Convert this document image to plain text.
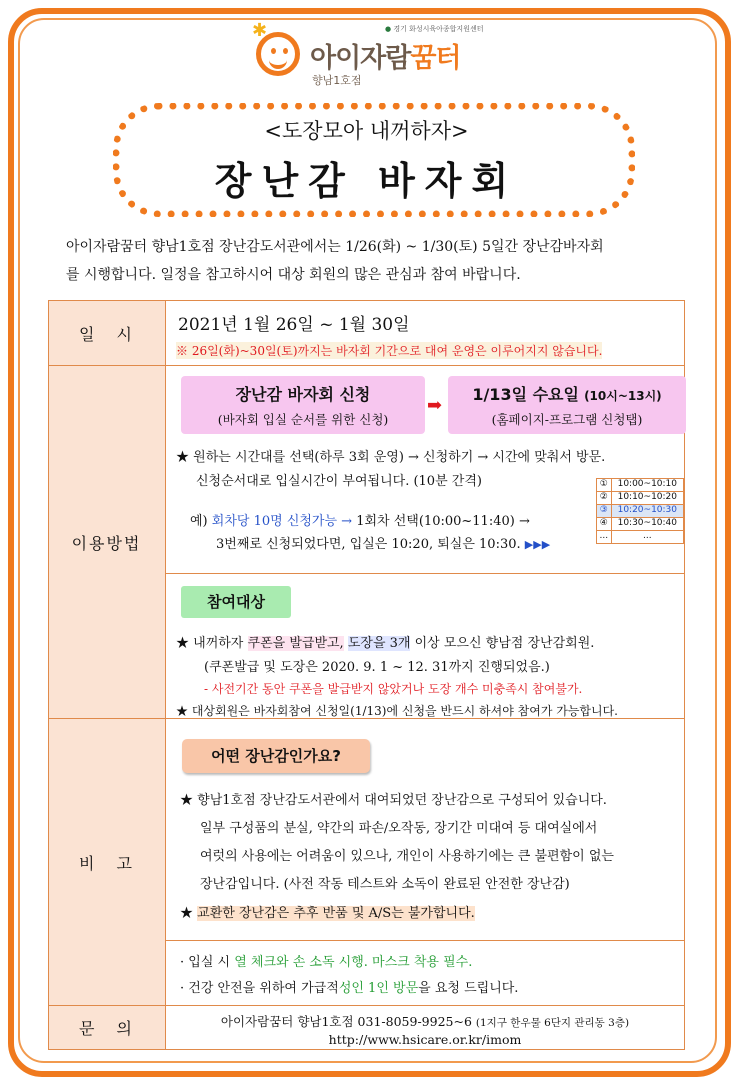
✱	● 경기 화성시육아종합지원센터
아이자람꿈터
향남1호점
<도장모아 내꺼하자>
장난감 바자회
아이자람꿈터 향남1호점 장난감도서관에서는 1/26(화) ~ 1/30(토) 5일간 장난감바자회
를 시행합니다. 일정을 참고하시어 대상 회원의 많은 관심과 참여 바랍니다.
일시	2021년 1월 26일 ~ 1월 30일
※ 26일(화)~30일(토)까지는 바자회 기간으로 대여 운영은 이루어지지 않습니다.

이용방법	
장난감 바자회 신청
(바자회 입실 순서를 위한 신청)
➡
1/13일 수요일 (10시~13시)
(홈페이지-프로그램 신청탭)
★ 원하는 시간대를 선택(하루 3회 운영) → 신청하기 → 시간에 맞춰서 방문.
신청순서대로 입실시간이 부여됩니다. (10분 간격)
예) 회차당 10명 신청가능 → 1회차 선택(10:00~11:40) →
3번째로 신청되었다면, 입실은 10:20, 퇴실은 10:30. ▶▶▶
①	10:00~10:10
②	10:10~10:20
③	10:20~10:30
④	10:30~10:40
...	...

참여대상
★ 내꺼하자 쿠폰을 발급받고, 도장을 3개 이상 모으신 향남점 장난감회원.
(쿠폰발급 및 도장은 2020. 9. 1 ~ 12. 31까지 진행되었음.)
- 사전기간 동안 쿠폰을 발급받지 않았거나 도장 개수 미충족시 참여불가.
★ 대상회원은 바자회참여 신청일(1/13)에 신청을 반드시 하셔야 참여가 가능합니다.

비고	
어떤 장난감인가요?
★ 향남1호점 장난감도서관에서 대여되었던 장난감으로 구성되어 있습니다.
일부 구성품의 분실, 약간의 파손/오작동, 장기간 미대여 등 대여실에서
여럿의 사용에는 어려움이 있으나, 개인이 사용하기에는 큰 불편함이 없는
장난감입니다. (사전 작동 테스트와 소독이 완료된 안전한 장난감)
★ 교환한 장난감은 추후 반품 및 A/S는 불가합니다.

· 입실 시 열 체크와 손 소독 시행. 마스크 착용 필수.
· 건강 안전을 위하여 가급적성인 1인 방문을 요청 드립니다.

문의	아이자람꿈터 향남1호점 031-8059-9925~6 (1지구 한우물 6단지 관리동 3층)
http://www.hsicare.or.kr/imom
